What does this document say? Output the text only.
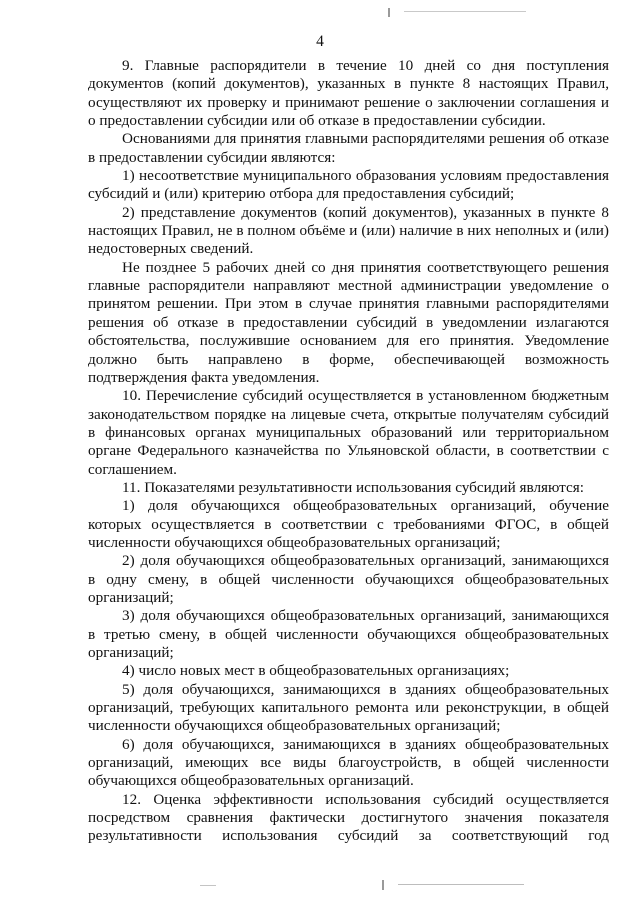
4

9. Главные распорядители в течение 10 дней со дня поступления документов (копий документов), указанных в пункте 8 настоящих Правил, осуществляют их проверку и принимают решение о заключении соглашения и о предоставлении субсидии или об отказе в предоставлении субсидии.

Основаниями для принятия главными распорядителями решения об отказе в предоставлении субсидии являются:

1) несоответствие муниципального образования условиям предоставления субсидий и (или) критерию отбора для предоставления субсидий;

2) представление документов (копий документов), указанных в пункте 8 настоящих Правил, не в полном объёме и (или) наличие в них неполных и (или) недостоверных сведений.

Не позднее 5 рабочих дней со дня принятия соответствующего решения главные распорядители направляют местной администрации уведомление о принятом решении. При этом в случае принятия главными распорядителями решения об отказе в предоставлении субсидий в уведомлении излагаются обстоятельства, послужившие основанием для его принятия. Уведомление должно быть направлено в форме, обеспечивающей возможность подтверждения факта уведомления.

10. Перечисление субсидий осуществляется в установленном бюджетным законодательством порядке на лицевые счета, открытые получателям субсидий в финансовых органах муниципальных образований или территориальном органе Федерального казначейства по Ульяновской области, в соответствии с соглашением.

11. Показателями результативности использования субсидий являются:

1) доля обучающихся общеобразовательных организаций, обучение которых осуществляется в соответствии с требованиями ФГОС, в общей численности обучающихся общеобразовательных организаций;

2) доля обучающихся общеобразовательных организаций, занимающихся в одну смену, в общей численности обучающихся общеобразовательных организаций;

3) доля обучающихся общеобразовательных организаций, занимающихся в третью смену, в общей численности обучающихся общеобразовательных организаций;

4) число новых мест в общеобразовательных организациях;

5) доля обучающихся, занимающихся в зданиях общеобразовательных организаций, требующих капитального ремонта или реконструкции, в общей численности обучающихся общеобразовательных организаций;

6) доля обучающихся, занимающихся в зданиях общеобразовательных организаций, имеющих все виды благоустройств, в общей численности обучающихся общеобразовательных организаций.

12. Оценка эффективности использования субсидий осуществляется посредством сравнения фактически достигнутого значения показателя результативности использования субсидий за соответствующий год
